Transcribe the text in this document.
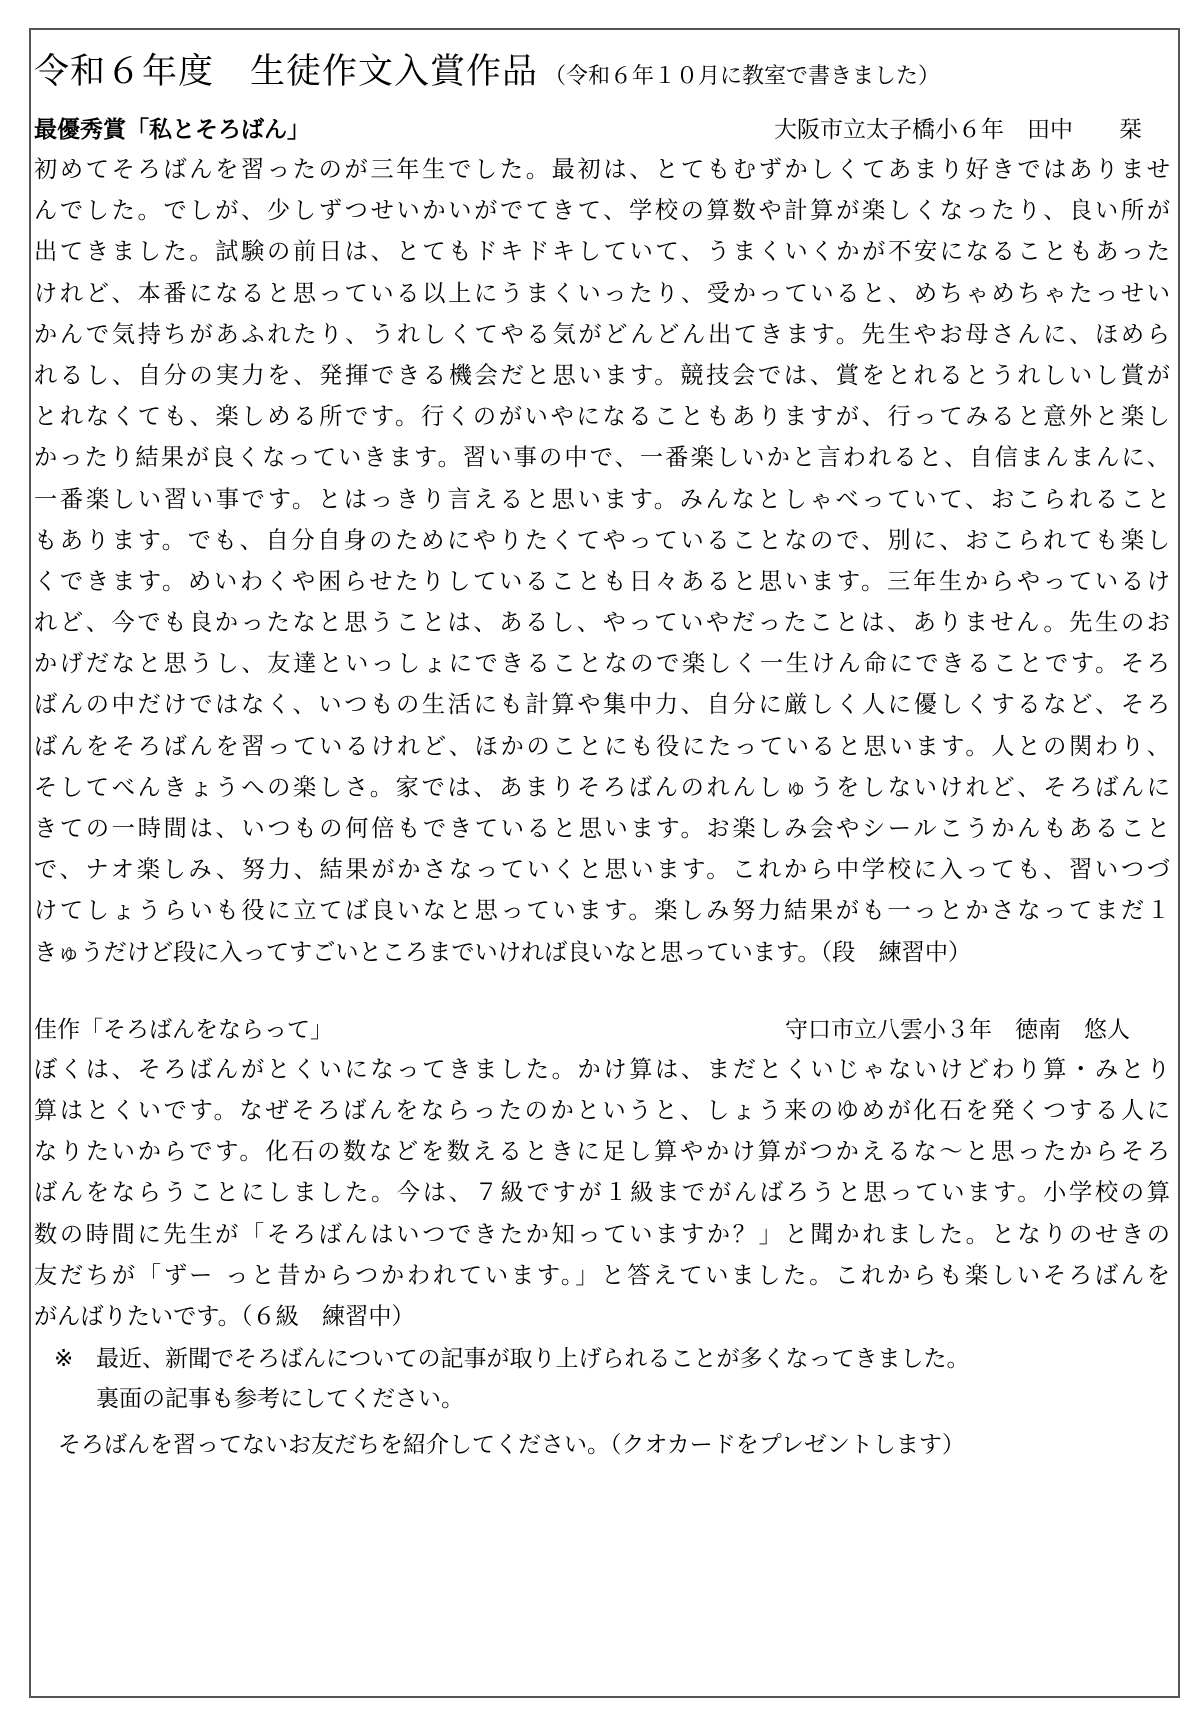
令和６年度　生徒作文入賞作品 （令和６年１０月に教室で書きました）
最優秀賞「私とそろばん」	大阪市立太子橋小６年　田中　　栞
初めてそろばんを習ったのが三年生でした。最初は、とてもむずかしくてあまり好きではありませ
んでした。でしが、少しずつせいかいがでてきて、学校の算数や計算が楽しくなったり、良い所が
出てきました。試験の前日は、とてもドキドキしていて、うまくいくかが不安になることもあった
けれど、本番になると思っている以上にうまくいったり、受かっていると、めちゃめちゃたっせい
かんで気持ちがあふれたり、うれしくてやる気がどんどん出てきます。先生やお母さんに、ほめら
れるし、自分の実力を、発揮できる機会だと思います。競技会では、賞をとれるとうれしいし賞が
とれなくても、楽しめる所です。行くのがいやになることもありますが、行ってみると意外と楽し
かったり結果が良くなっていきます。習い事の中で、一番楽しいかと言われると、自信まんまんに、
一番楽しい習い事です。とはっきり言えると思います。みんなとしゃべっていて、おこられること
もあります。でも、自分自身のためにやりたくてやっていることなので、別に、おこられても楽し
くできます。めいわくや困らせたりしていることも日々あると思います。三年生からやっているけ
れど、今でも良かったなと思うことは、あるし、やっていやだったことは、ありません。先生のお
かげだなと思うし、友達といっしょにできることなので楽しく一生けん命にできることです。そろ
ばんの中だけではなく、いつもの生活にも計算や集中力、自分に厳しく人に優しくするなど、そろ
ばんをそろばんを習っているけれど、ほかのことにも役にたっていると思います。人との関わり、
そしてべんきょうへの楽しさ。家では、あまりそろばんのれんしゅうをしないけれど、そろばんに
きての一時間は、いつもの何倍もできていると思います。お楽しみ会やシールこうかんもあること
で、ナオ楽しみ、努力、結果がかさなっていくと思います。これから中学校に入っても、習いつづ
けてしょうらいも役に立てば良いなと思っています。楽しみ努力結果がも一っとかさなってまだ１
きゅうだけど段に入ってすごいところまでいければ良いなと思っています。（段　練習中）
佳作「そろばんをならって」	守口市立八雲小３年　徳南　悠人
ぼくは、そろばんがとくいになってきました。かけ算は、まだとくいじゃないけどわり算・みとり
算はとくいです。なぜそろばんをならったのかというと、しょう来のゆめが化石を発くつする人に
なりたいからです。化石の数などを数えるときに足し算やかけ算がつかえるな〜と思ったからそろ
ばんをならうことにしました。今は、７級ですが１級までがんばろうと思っています。小学校の算
数の時間に先生が「そろばんはいつできたか知っていますか？」と聞かれました。となりのせきの
友だちが「ずー っと昔からつかわれています。」と答えていました。これからも楽しいそろばんを
がんばりたいです。（６級　練習中）
※ 最近、新聞でそろばんについての記事が取り上げられることが多くなってきました。
裏面の記事も参考にしてください。
そろばんを習ってないお友だちを紹介してください。（クオカードをプレゼントします）
